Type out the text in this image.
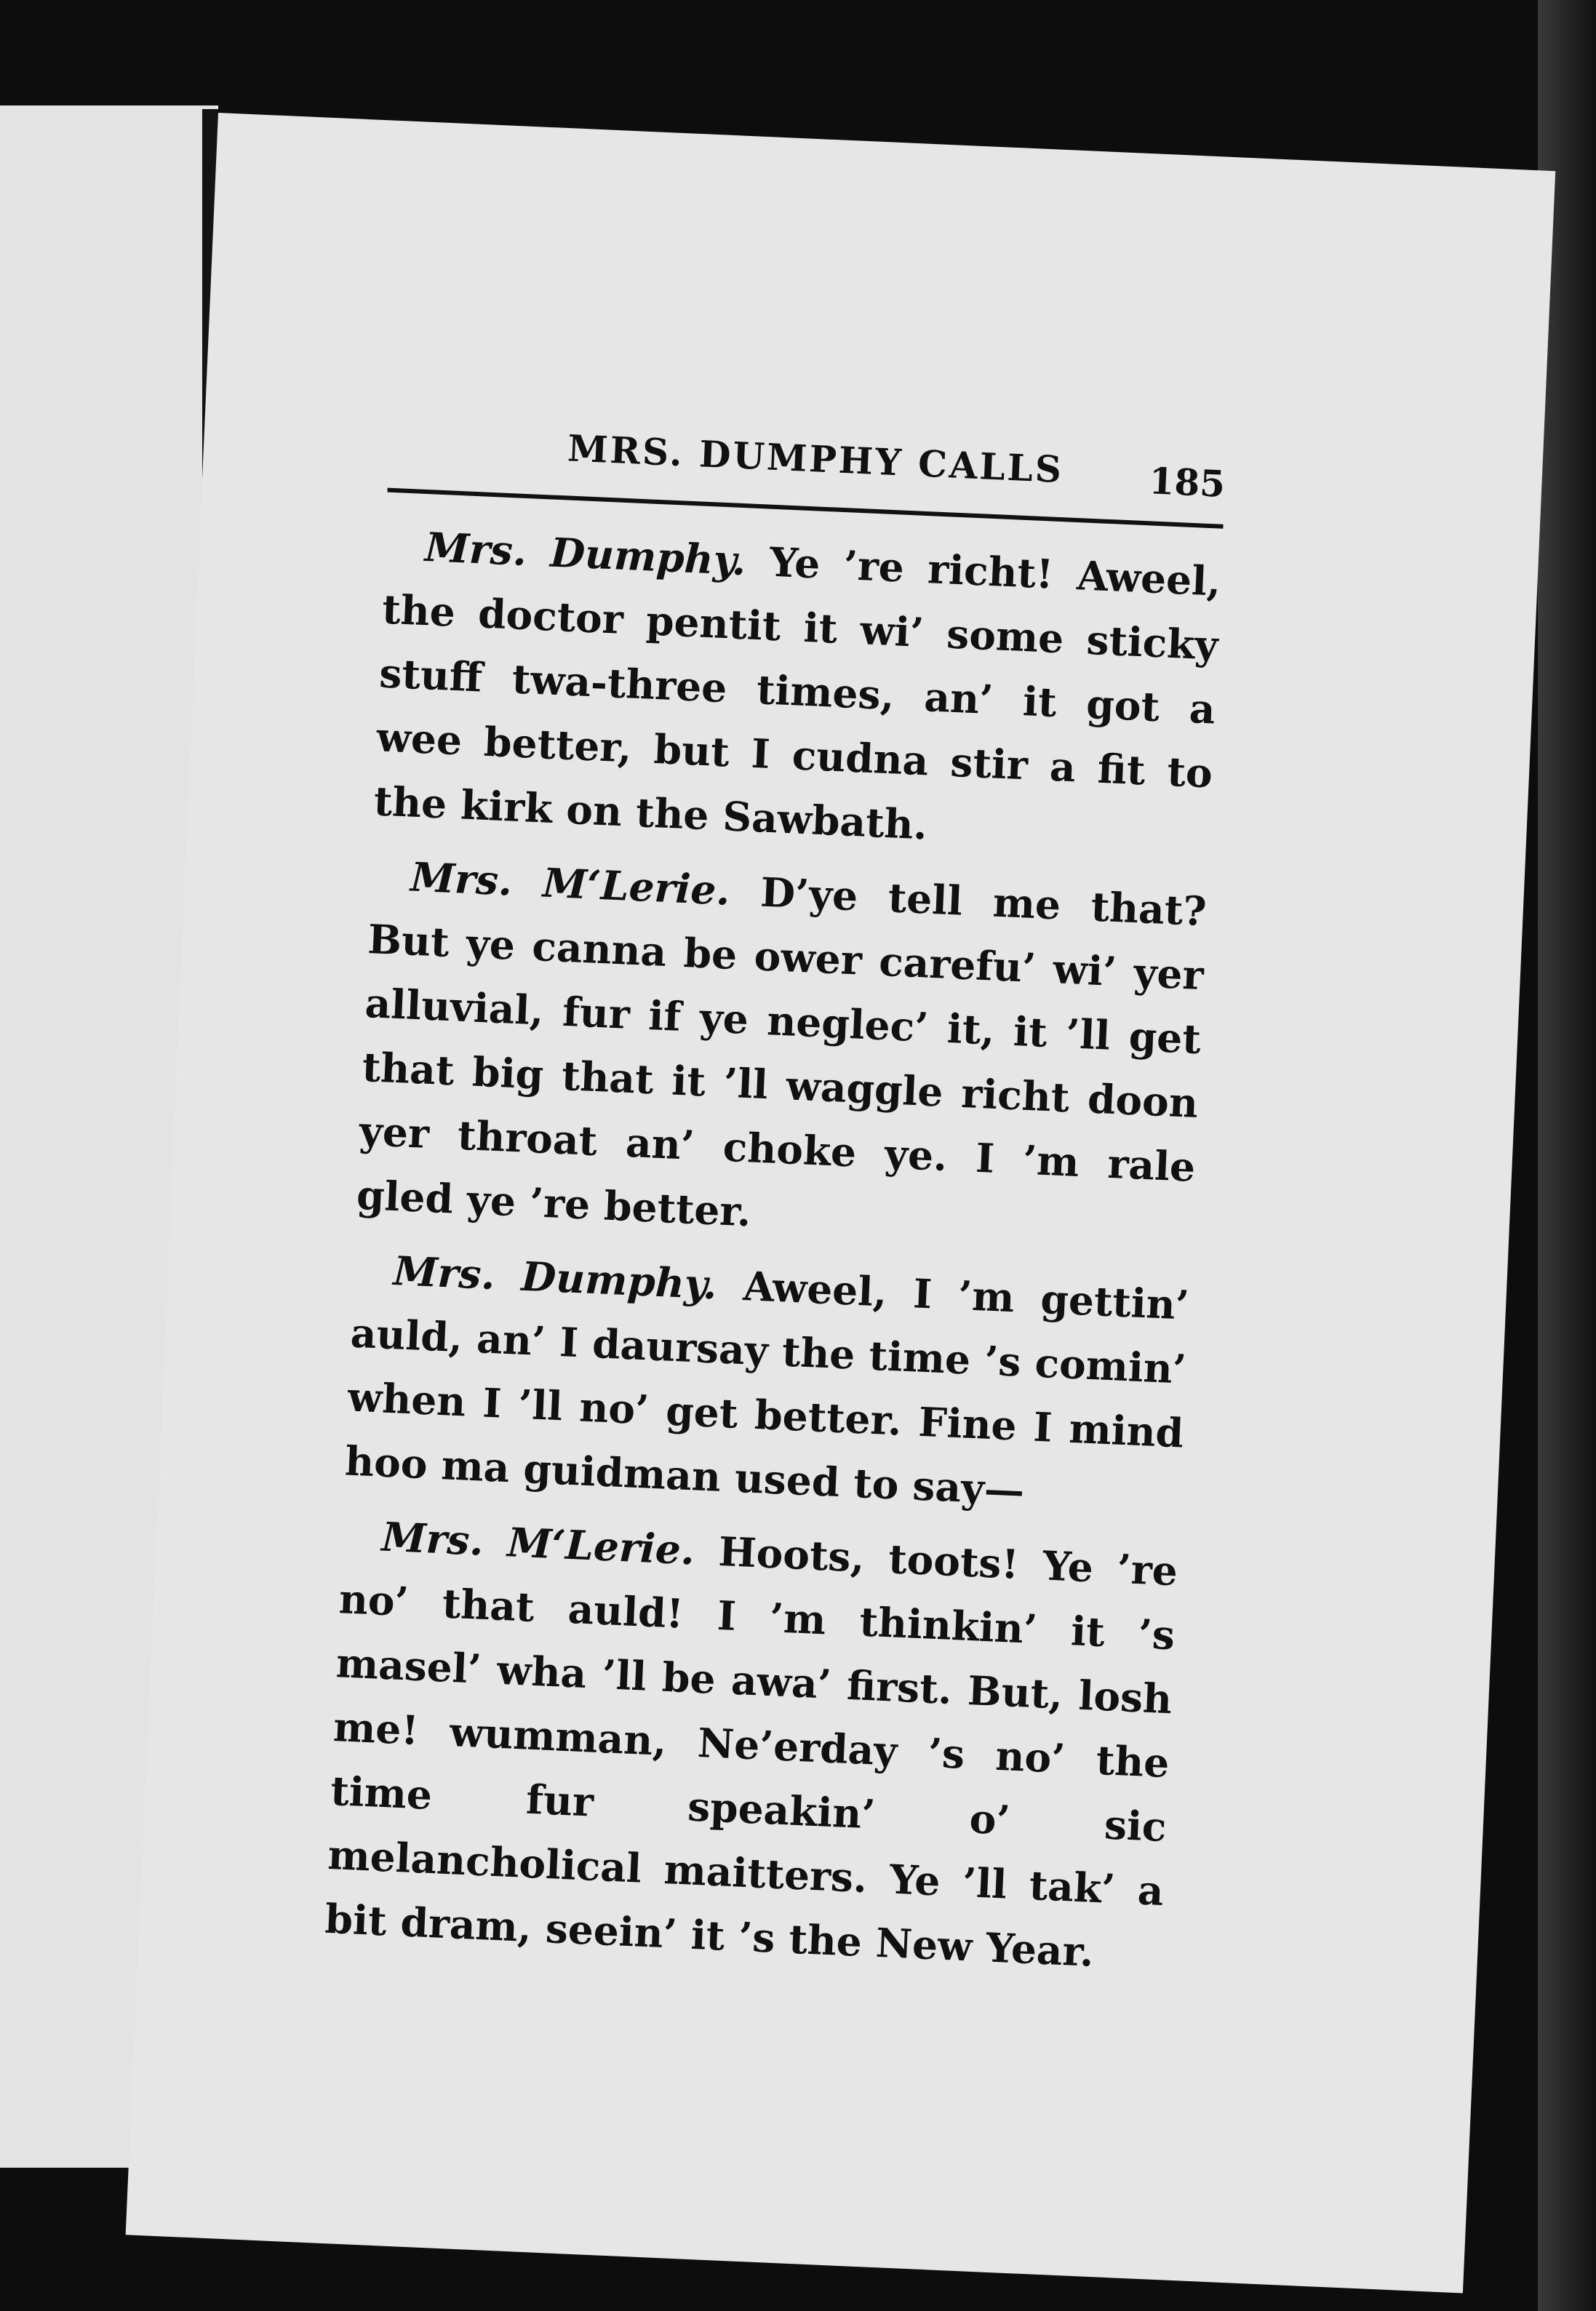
MRS. DUMPHY CALLS 185

Mrs. Dumphy. Ye ’re richt! Aweel, the doctor pentit it wi’ some sticky stuff twa-three times, an’ it got a wee better, but I cudna stir a fit to the kirk on the Sawbath.

Mrs. M‘Lerie. D’ye tell me that? But ye canna be ower carefu’ wi’ yer alluvial, fur if ye neglec’ it, it ’ll get that big that it ’ll waggle richt doon yer throat an’ choke ye. I ’m rale gled ye ’re better.

Mrs. Dumphy. Aweel, I ’m gettin’ auld, an’ I daursay the time ’s comin’ when I ’ll no’ get better. Fine I mind hoo ma guidman used to say—

Mrs. M‘Lerie. Hoots, toots! Ye ’re no’ that auld! I ’m thinkin’ it ’s masel’ wha ’ll be awa’ first. But, losh me! wumman, Ne’erday ’s no’ the time fur speakin’ o’ sic melancholical maitters. Ye ’ll tak’ a bit dram, seein’ it ’s the New Year.
